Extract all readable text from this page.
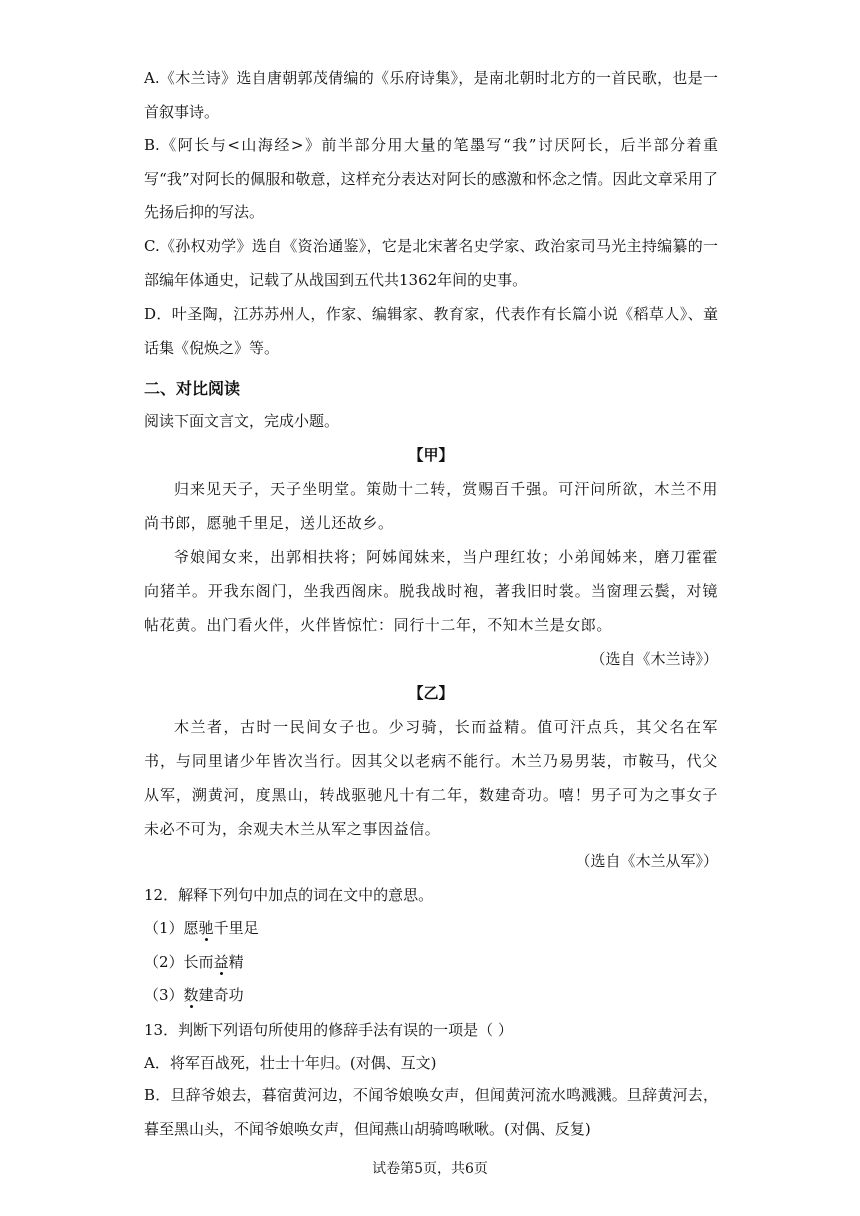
A.《木兰诗》选自唐朝郭茂倩编的《乐府诗集》，是南北朝时北方的一首民歌，也是一首叙事诗。
B.《阿长与<山海经>》前半部分用大量的笔墨写“我”讨厌阿长，后半部分着重写“我”对阿长的佩服和敬意，这样充分表达对阿长的感激和怀念之情。因此文章采用了先扬后抑的写法。
C.《孙权劝学》选自《资治通鉴》，它是北宋著名史学家、政治家司马光主持编纂的一部编年体通史，记载了从战国到五代共1362年间的史事。
D．叶圣陶，江苏苏州人，作家、编辑家、教育家，代表作有长篇小说《稻草人》、童话集《倪焕之》等。
二、对比阅读
阅读下面文言文，完成小题。
【甲】
归来见天子，天子坐明堂。策勋十二转，赏赐百千强。可汗问所欲，木兰不用尚书郎，愿驰千里足，送儿还故乡。
爷娘闻女来，出郭相扶将；阿姊闻妹来，当户理红妆；小弟闻姊来，磨刀霍霍向猪羊。开我东阁门，坐我西阁床。脱我战时袍，著我旧时裳。当窗理云鬓，对镜帖花黄。出门看火伴，火伴皆惊忙：同行十二年，不知木兰是女郎。
（选自《木兰诗》）
【乙】
木兰者，古时一民间女子也。少习骑，长而益精。值可汗点兵，其父名在军书，与同里诸少年皆次当行。因其父以老病不能行。木兰乃易男装，市鞍马，代父从军，溯黄河，度黑山，转战驱驰凡十有二年，数建奇功。嘻！男子可为之事女子未必不可为，余观夫木兰从军之事因益信。
（选自《木兰从军》）
12．解释下列句中加点的词在文中的意思。
（1）愿驰千里足
（2）长而益精
（3）数建奇功
13．判断下列语句所使用的修辞手法有误的一项是（ ）
A．将军百战死，壮士十年归。(对偶、互文)
B．旦辞爷娘去，暮宿黄河边，不闻爷娘唤女声，但闻黄河流水鸣溅溅。旦辞黄河去，暮至黑山头，不闻爷娘唤女声，但闻燕山胡骑鸣啾啾。(对偶、反复)
试卷第5页，共6页
